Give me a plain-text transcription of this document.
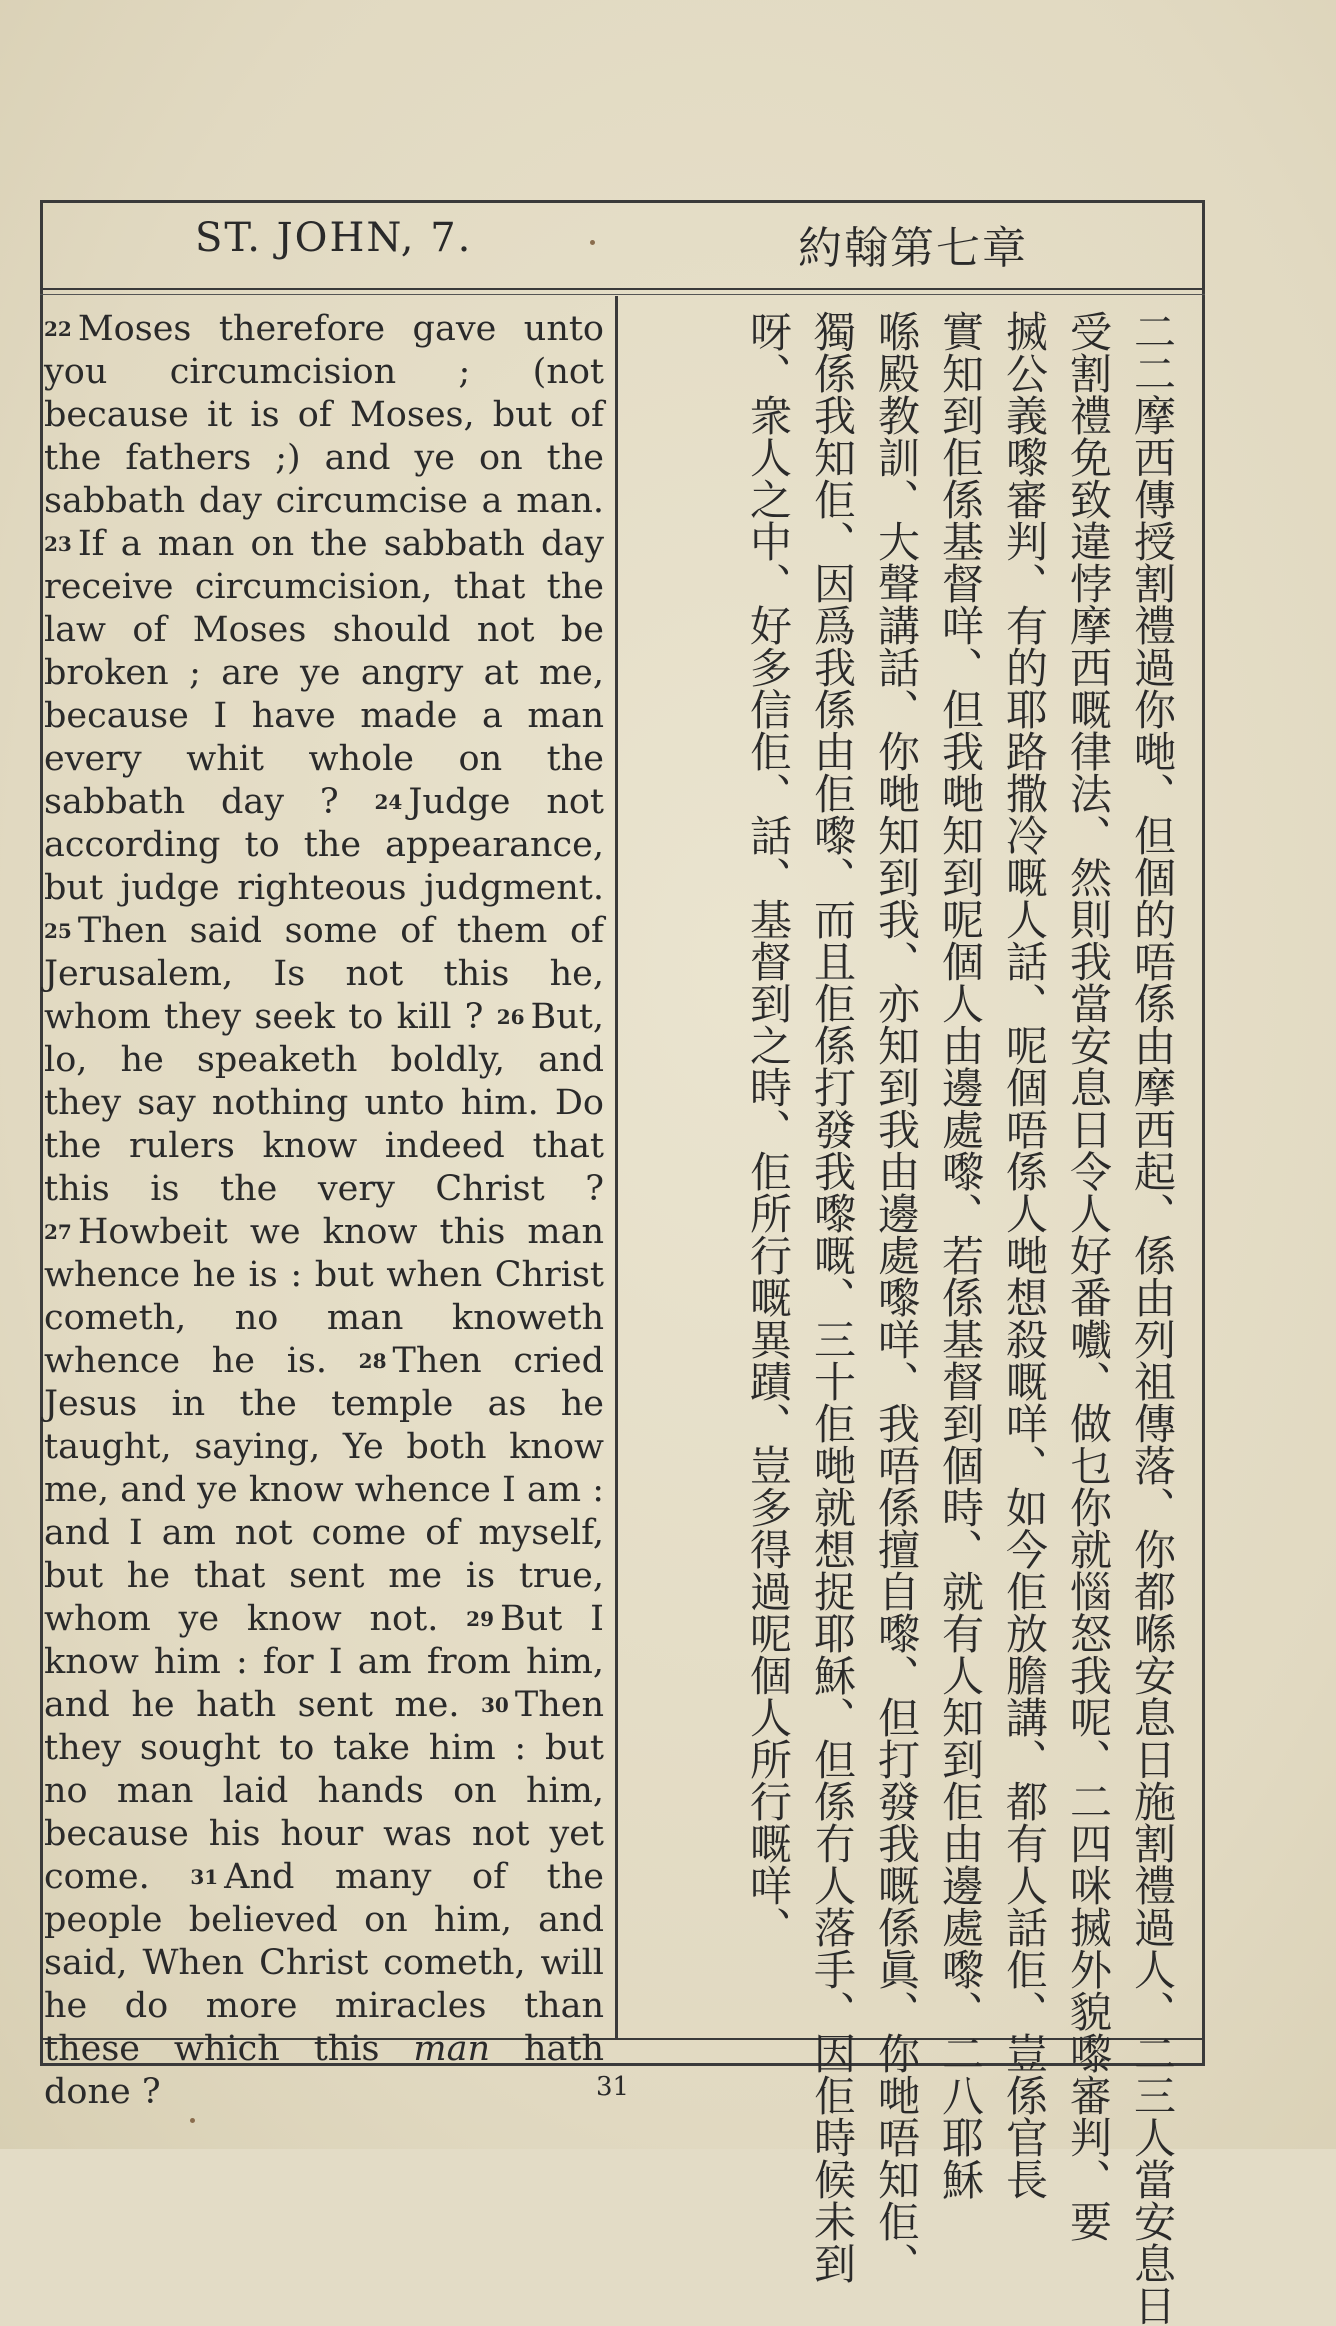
ST. JOHN, 7.	約翰第七章
22 Moses therefore gave unto you circumcision ; (not because it is of Moses, but of the fathers ;) and ye on the sabbath day circumcise a man. 23 If a man on the sabbath day receive circumcision, that the law of Moses should not be broken ; are ye angry at me, because I have made a man every whit whole on the sabbath day ? 24 Judge not according to the appearance, but judge righteous judgment. 25 Then said some of them of Jerusalem, Is not this he, whom they seek to kill ? 26 But, lo, he speaketh boldly, and they say nothing unto him. Do the rulers know indeed that this is the very Christ ? 27 Howbeit we know this man whence he is : but when Christ cometh, no man knoweth whence he is. 28 Then cried Jesus in the temple as he taught, saying, Ye both know me, and ye know whence I am : and I am not come of myself, but he that sent me is true, whom ye know not. 29 But I know him : for I am from him, and he hath sent me. 30 Then they sought to take him : but no man laid hands on him, because his hour was not yet come. 31 And many of the people believed on him, and said, When Christ cometh, will he do more miracles than these which this man hath done ?
二二摩西傳授割禮過你哋、但個的唔係由摩西起、係由列祖傳落、你都喺安息日施割禮過人、二三人當安息日
受割禮免致違悖摩西嘅律法、然則我當安息日令人好番嚱、做乜你就惱怒我呢、二四咪搣外貌嚟審判、要
搣公義嚟審判、有的耶路撒冷嘅人話、呢個唔係人哋想殺嘅咩、如今佢放膽講、都有人話佢、豈係官長
實知到佢係基督咩、但我哋知到呢個人由邊處嚟、若係基督到個時、就有人知到佢由邊處嚟、二八耶穌
喺殿教訓、大聲講話、你哋知到我、亦知到我由邊處嚟咩、我唔係擅自嚟、但打發我嘅係眞、你哋唔知佢、
獨係我知佢、因爲我係由佢嚟、而且佢係打發我嚟嘅、三十佢哋就想捉耶穌、但係冇人落手、因佢時候未到
呀、衆人之中、好多信佢、話、基督到之時、佢所行嘅異蹟、豈多得過呢個人所行嘅咩、
31
